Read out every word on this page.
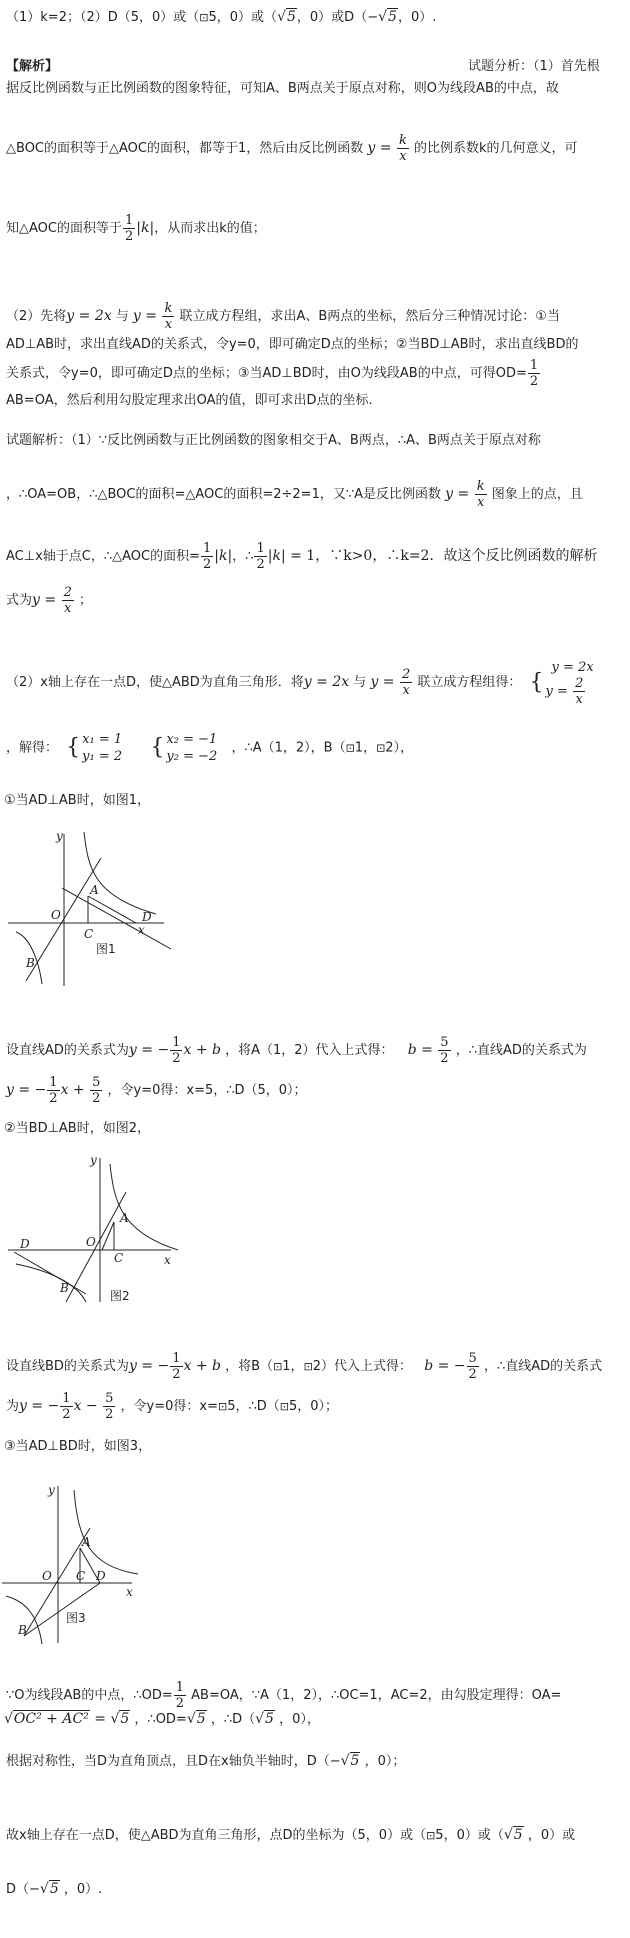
（1）k=2；（2）D（5，0）或（⊡5，0）或（√5，0）或D（−√5，0）.
【解析】	试题分析：（1）首先根
据反比例函数与正比例函数的图象特征，可知A、B两点关于原点对称，则O为线段AB的中点，故
△BOC的面积等于△AOC的面积，都等于1，然后由反比例函数 $y = \frac{k}{x}$ 的比例系数k的几何意义，可
知△AOC的面积等于 $\frac{1}{2} |k|$，从而求出k的值；
（2）先将y = 2x 与 $y = \frac{k}{x}$ 联立成方程组，求出A、B两点的坐标，然后分三种情况讨论：①当
AD⊥AB时，求出直线AD的关系式，令y=0，即可确定D点的坐标；②当BD⊥AB时，求出直线BD的
关系式，令y=0，即可确定D点的坐标；③当AD⊥BD时，由O为线段AB的中点，可得$OD= \frac{1}{2}$
AB=OA，然后利用勾股定理求出OA的值，即可求出D点的坐标.
试题解析：（1）∵反比例函数与正比例函数的图象相交于A、B两点，∴A、B两点关于原点对称
，∴OA=OB，∴△BOC的面积=△AOC的面积=2÷2=1，又∵A是反比例函数 $y = \frac{k}{x}$ 图象上的点，且
AC⊥x轴于点C，∴△AOC的面积= $\frac{1}{2} |k|$，∴ $\frac{1}{2} |k| = 1$，∵k>0，∴k=2．故这个反比例函数的解析
式为$y = \frac{2}{x}$ ；
（2）x轴上存在一点D，使△ABD为直角三角形．将y = 2x 与 $y = \frac{2}{x}$ 联立成方程组得： {
y = 2x
$y = \frac{2}{x}$
，解得： { x₁ = 1
y₁ = 2 { x₂ = −1
y₂ = −2
，∴A（1，2），B（⊡1，⊡2），
①当AD⊥AB时，如图1，
y
x
O
A
B
C
D
图1
设直线AD的关系式为y = − $\frac{1}{2}$ x + b ，将A（1，2）代入上式得： $b = \frac{5}{2}$ ，∴直线AD的关系式为
y = − $\frac{1}{2}$ $x + \frac{5}{2}$ ，令y=0得：x=5，∴D（5，0）；
②当BD⊥AB时，如图2，
y
x
O
A
B
C
D
图2
设直线BD的关系式为y = − $\frac{1}{2}$ x + b ，将B（⊡1，⊡2）代入上式得： b = − $\frac{5}{2}$ ，∴直线AD的关系式
为y = − $\frac{1}{2}$ $x - \frac{5}{2}$ ，令y=0得：x=⊡5，∴D（⊡5，0）；
③当AD⊥BD时，如图3，
y
x
O
A
B
C D
图3
∵O为线段AB的中点，∴OD= $\frac{1}{2} AB=OA$，∵A（1，2），∴OC=1，AC=2，由勾股定理得：OA=
√OC² + AC² = √5 ，∴OD=√5 ，∴D（√5 ，0），
根据对称性，当D为直角顶点，且D在x轴负半轴时，D（−√5 ，0）；
故x轴上存在一点D，使△ABD为直角三角形，点D的坐标为（5，0）或（⊡5，0）或（√5 ，0）或
D（−√5 ，0）.
